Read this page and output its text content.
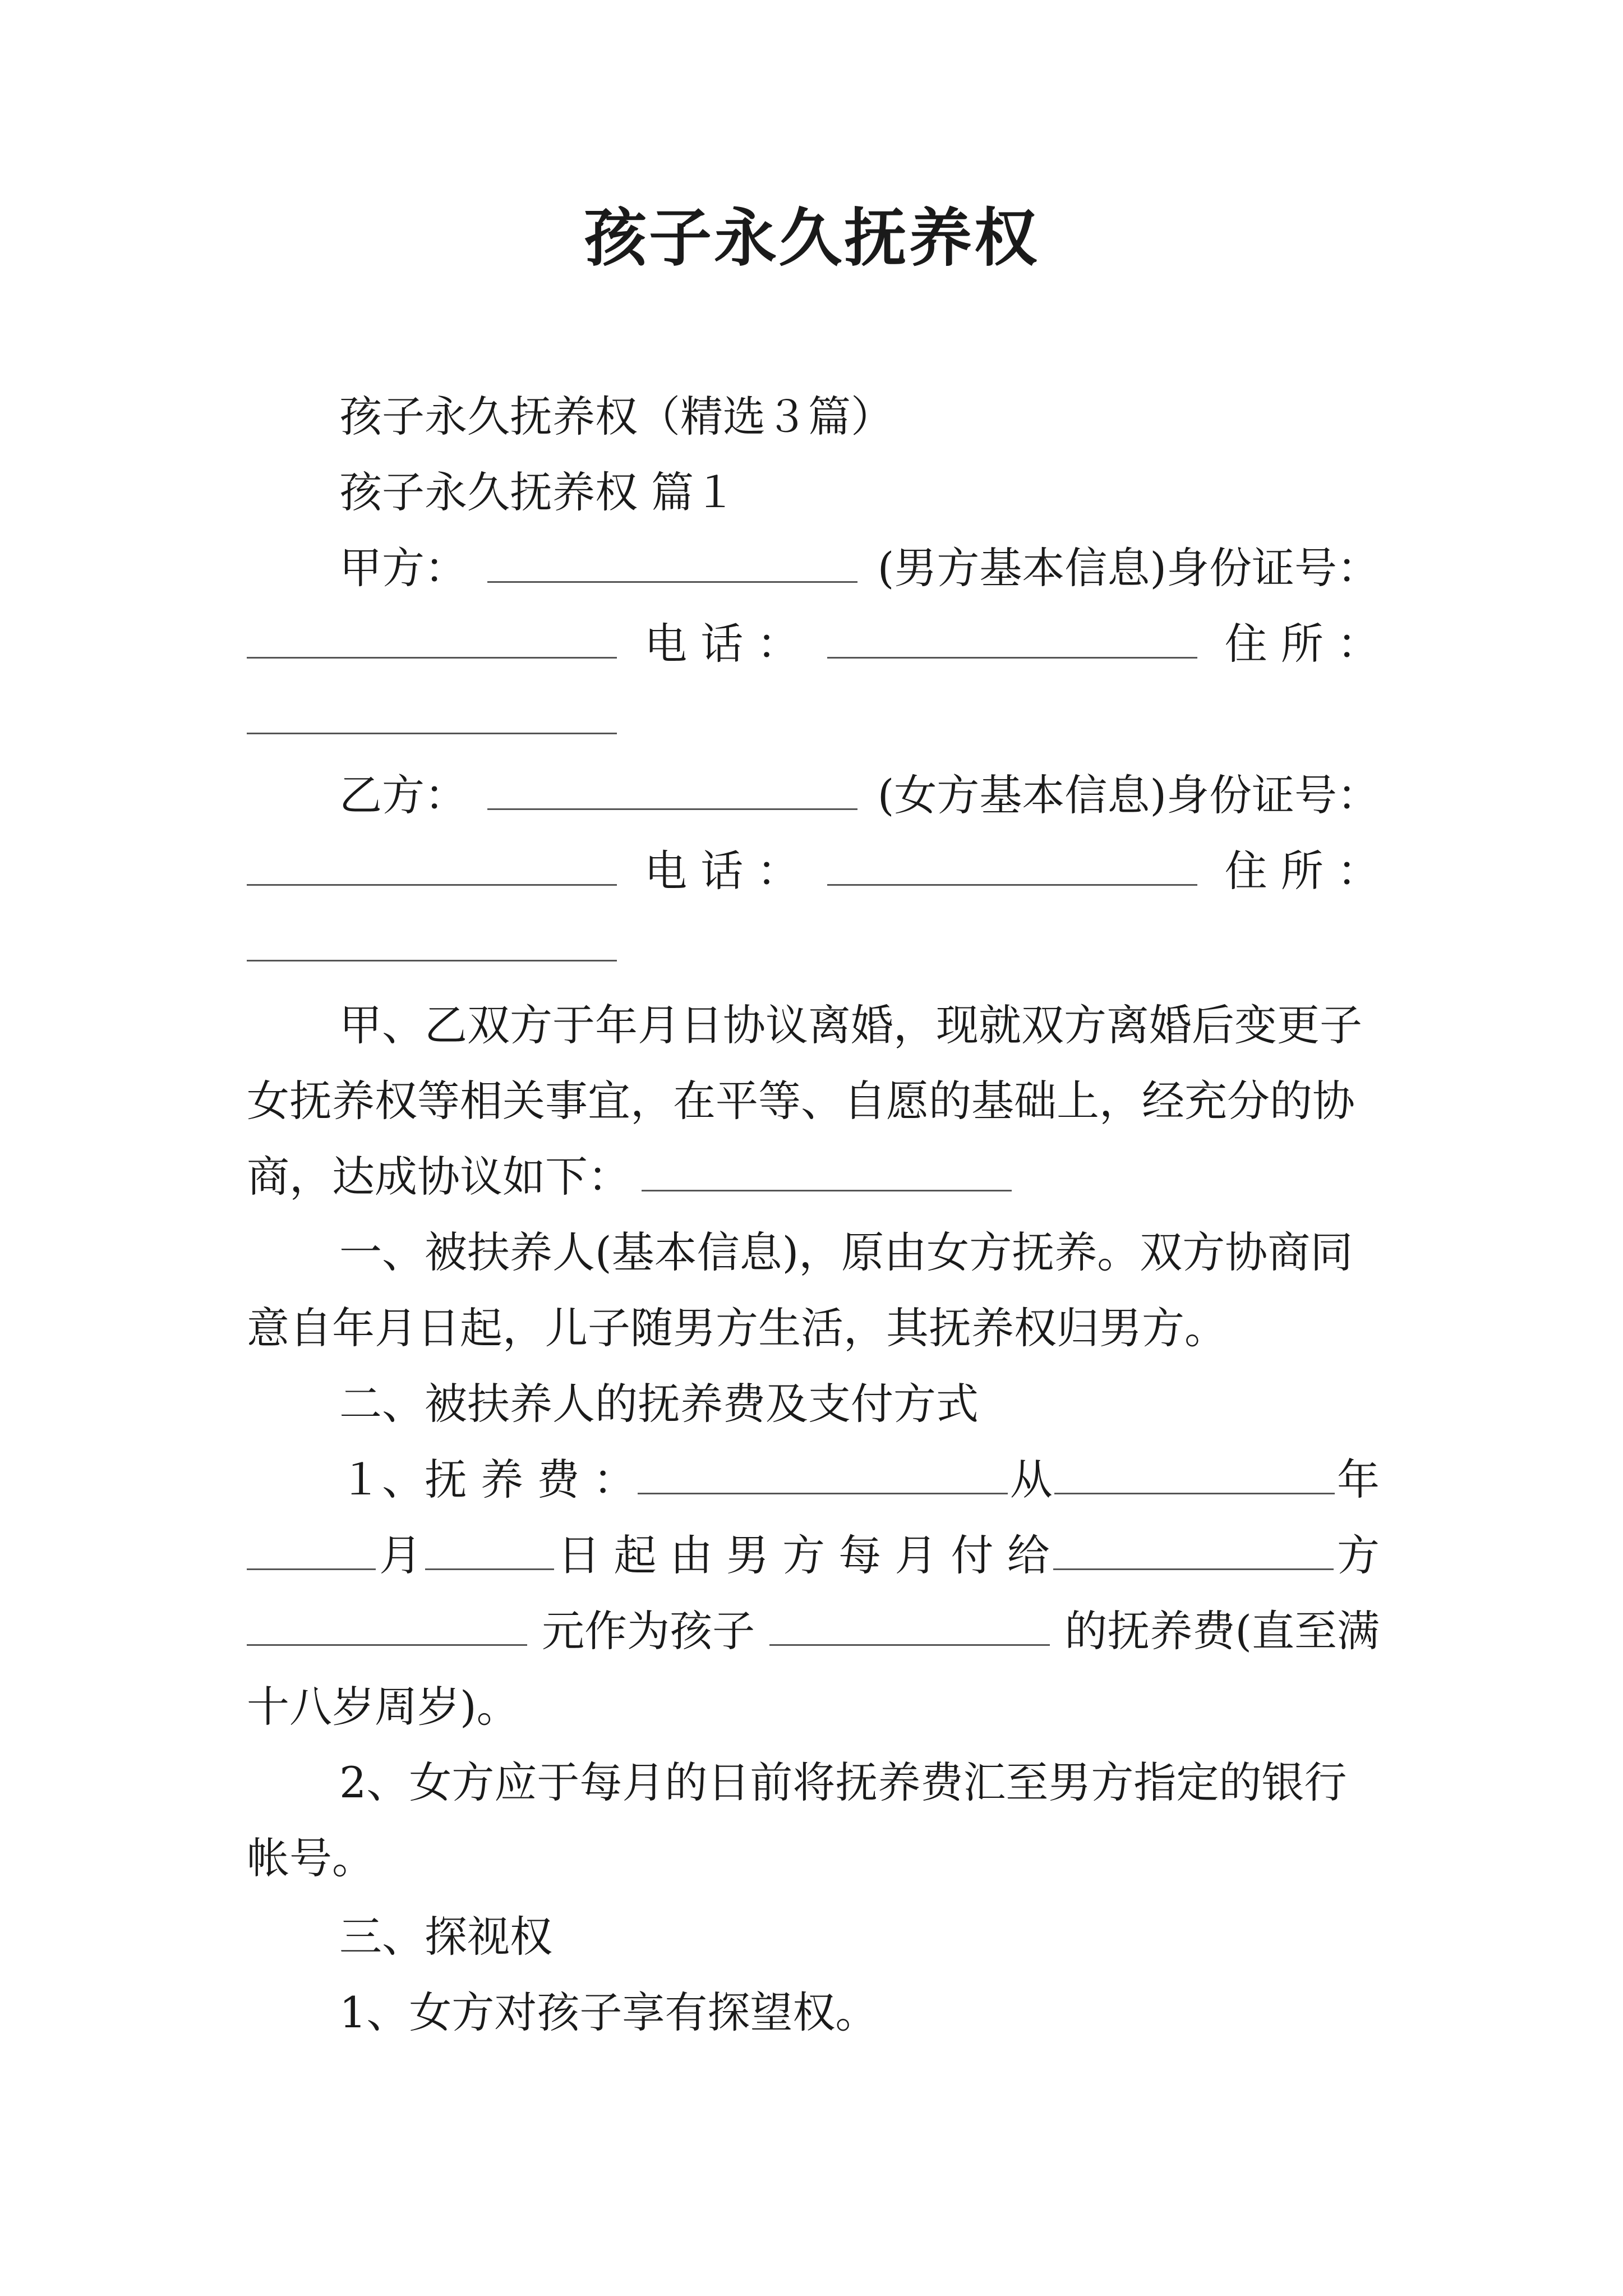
孩子永久抚养权
孩子永久抚养权（精选３篇）
孩子永久抚养权 篇１
甲方：	(男方基本信息)身份证号：
电 话 ：	住 所 ：
乙方：	(女方基本信息)身份证号：
电 话 ：	住 所 ：
甲、乙双方于年月日协议离婚，现就双方离婚后变更子
女抚养权等相关事宜，在平等、自愿的基础上，经充分的协
商，达成协议如下：
一、被扶养人(基本信息)，原由女方抚养。双方协商同
意自年月日起，儿子随男方生活，其抚养权归男方。
二、被扶养人的抚养费及支付方式
１、抚 养 费 ：	从	年
月	日 起 由 男 方 每 月 付 给	方
元作为孩子	的抚养费(直至满
十八岁周岁)。
2、女方应于每月的日前将抚养费汇至男方指定的银行
帐号。
三、探视权
1、女方对孩子享有探望权。
